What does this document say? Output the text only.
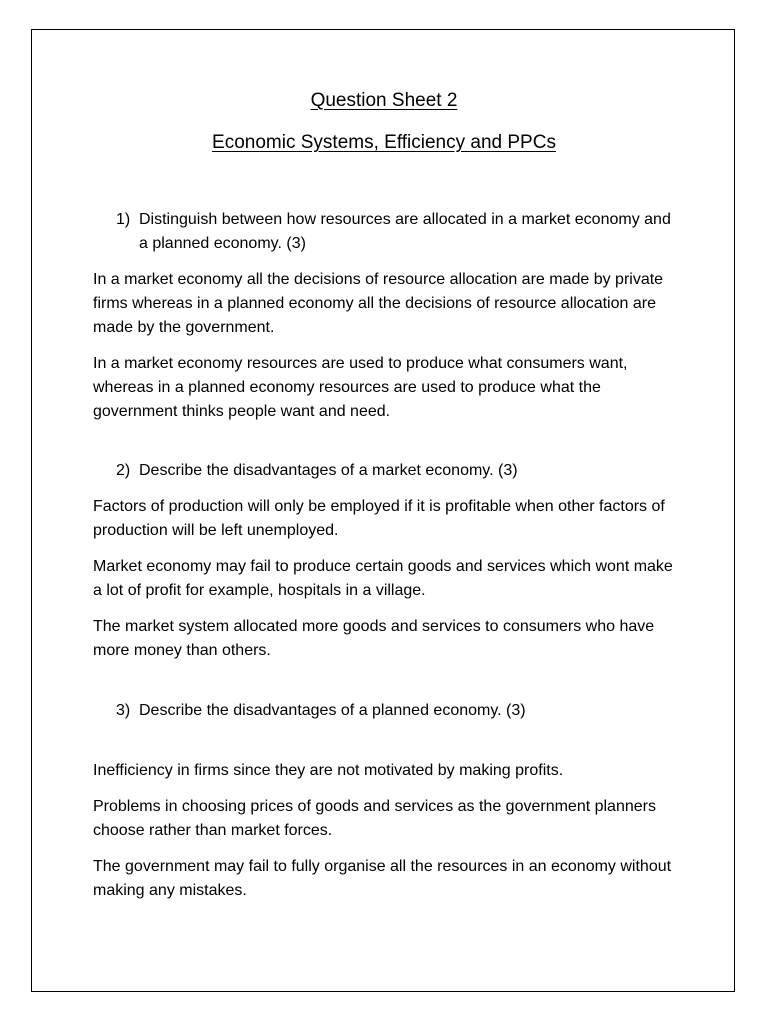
Question Sheet 2
Economic Systems, Efficiency and PPCs
1) Distinguish between how resources are allocated in a market economy and a planned economy. (3)

In a market economy all the decisions of resource allocation are made by private firms whereas in a planned economy all the decisions of resource allocation are made by the government.

In a market economy resources are used to produce what consumers want, whereas in a planned economy resources are used to produce what the government thinks people want and need.

2) Describe the disadvantages of a market economy. (3)

Factors of production will only be employed if it is profitable when other factors of production will be left unemployed.

Market economy may fail to produce certain goods and services which wont make a lot of profit for example, hospitals in a village.

The market system allocated more goods and services to consumers who have more money than others.

3) Describe the disadvantages of a planned economy. (3)

Inefficiency in firms since they are not motivated by making profits.

Problems in choosing prices of goods and services as the government planners choose rather than market forces.

The government may fail to fully organise all the resources in an economy without making any mistakes.
